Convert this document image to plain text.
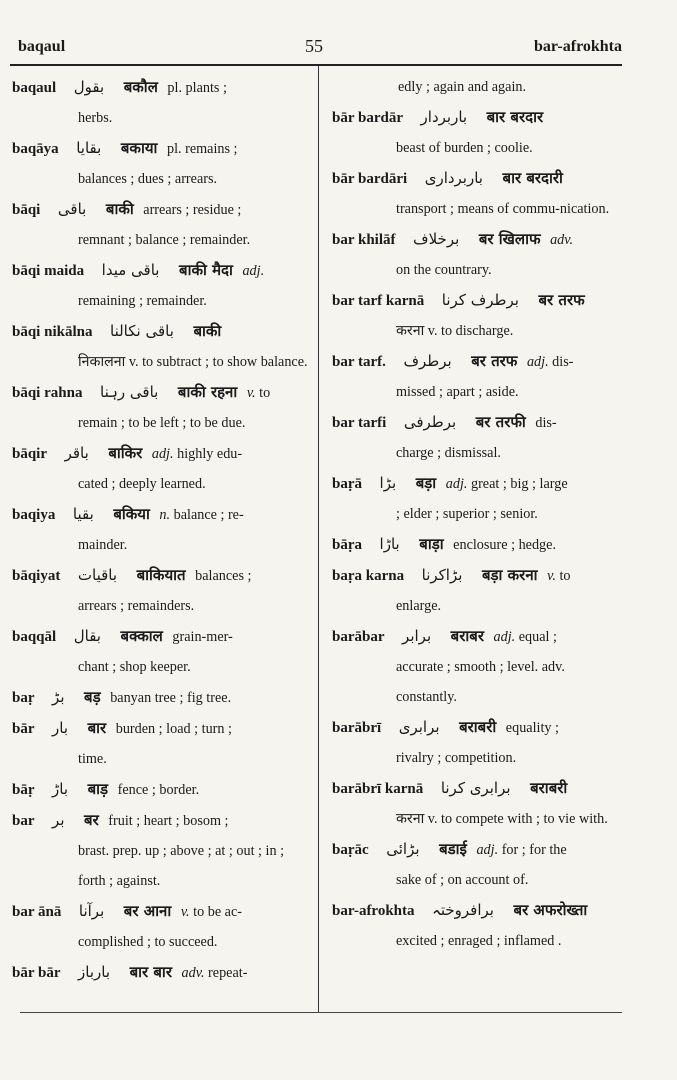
baqaul	55	bar-afrokhta
baqaul بقول बकौल pl. plants ;
herbs.
baqāya بقایا बकाया pl. remains ;
balances ; dues ; arrears.
bāqi باقی बाकी arrears ; residue ;
remnant ; balance ; remainder.
bāqi maida باقی میدا बाकी मैदा adj.
remaining ; remainder.
bāqi nikālna باقی نکالنا बाकी
निकालना v. to subtract ; to show balance.
bāqi rahna باقی رہنا बाकी रहना v. to
remain ; to be left ; to be due.
bāqir باقر बाकिर adj. highly edu-
cated ; deeply learned.
baqiya بقیا बकिया n. balance ; re-
mainder.
bāqiyat باقیات बाकियात balances ;
arrears ; remainders.
baqqāl بقال बक्काल grain-mer-
chant ; shop keeper.
baṛ بڑ बड़ banyan tree ; fig tree.
bār بار बार burden ; load ; turn ;
time.
bāṛ باڑ बाड़ fence ; border.
bar بر बर fruit ; heart ; bosom ;
brast. prep. up ; above ; at ; out ; in ; forth ; against.
bar ānā برآنا बर आना v. to be ac-
complished ; to succeed.
bār bār بارباز बार बार adv. repeat-
edly ; again and again.
bār bardār باربردار बार बरदार
beast of burden ; coolie.
bār bardāri باربرداری बार बरदारी
transport ; means of commu-nication.
bar khilāf برخلاف बर खिलाफ adv.
on the countrary.
bar tarf karnā برطرف کرنا बर तरफ
करना v. to discharge.
bar tarf. برطرف बर तरफ adj. dis-
missed ; apart ; aside.
bar tarfi برطرفی बर तरफी dis-
charge ; dismissal.
baṛā بڑا बड़ा adj. great ; big ; large
; elder ; superior ; senior.
bāṛa باڑا बाड़ा enclosure ; hedge.
baṛa karna بڑاکرنا बड़ा करना v. to
enlarge.
barābar برابر बराबर adj. equal ;
accurate ; smooth ; level. adv. constantly.
barābrī برابری बराबरी equality ;
rivalry ; competition.
barābrī karnā برابری کرنا बराबरी
करना v. to compete with ; to vie with.
baṛāc بڑائی बडाई adj. for ; for the
sake of ; on account of.
bar-afrokhta برافروختہ बर अफरोख्ता
excited ; enraged ; inflamed .
